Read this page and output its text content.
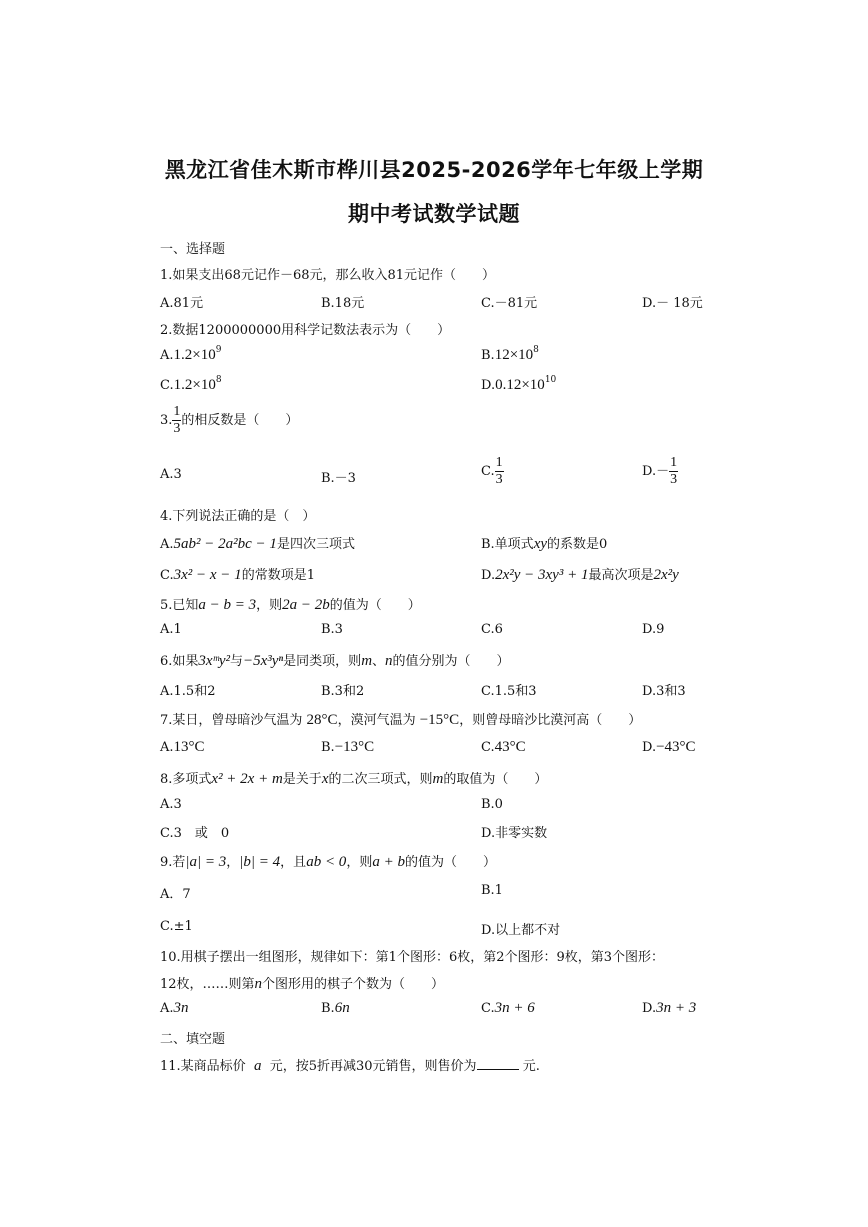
黑龙江省佳木斯市桦川县2025-2026学年七年级上学期
期中考试数学试题
一、选择题
1.如果支出68元记作－68元，那么收入81元记作（　　）
A.81元	B.18元	C.－81元	D.－ 18元
2.数据1200000000用科学记数法表示为（　　）
$A.1.2\times 10^9$	$B.12\times 10^8$
$C.1.2\times 10^8$	$D.0.12\times 10^{10}$
3. $\frac{1}{3}$ 的相反数是（　　）
A.3	B.－3	C. $\frac{1}{3}$	$D.- \frac{1}{3}$
4.下列说法正确的是（　）
A.5ab² − 2a²bc − 1是四次三项式	B.单项式xy的系数是0
C.3x² − x − 1的常数项是1	D.2x²y − 3xy³ + 1最高次项是2x²y
5.已知a − b = 3，则2a − 2b的值为（　　）
A.1	B.3	C.6	D.9
6.如果3xᵐy²与−5x³yⁿ是同类项，则m、n的值分别为（　　）
A.1.5和2	B.3和2	C.1.5和3	D.3和3
7.某日，曾母暗沙气温为 28°C，漠河气温为 −15°C，则曾母暗沙比漠河高（　　）
A.13°C	B.−13°C	C.43°C	D.−43°C
8.多项式x² + 2x + m是关于x的二次三项式，则m的取值为（　　）
A.3	B.0
C.3　或　0	D.非零实数
9.若|a| = 3，|b| = 4，且ab < 0，则a + b的值为（　　）
A．7	B.1
C.±1	D.以上都不对
10.用棋子摆出一组图形，规律如下：第1个图形：6枚，第2个图形：9枚，第3个图形：
12枚，……则第n个图形用的棋子个数为（　　）
A.3n	B.6n	C.3n + 6	D.3n + 3
二、填空题
11.某商品标价 a 元，按5折再减30元销售，则售价为	元.
